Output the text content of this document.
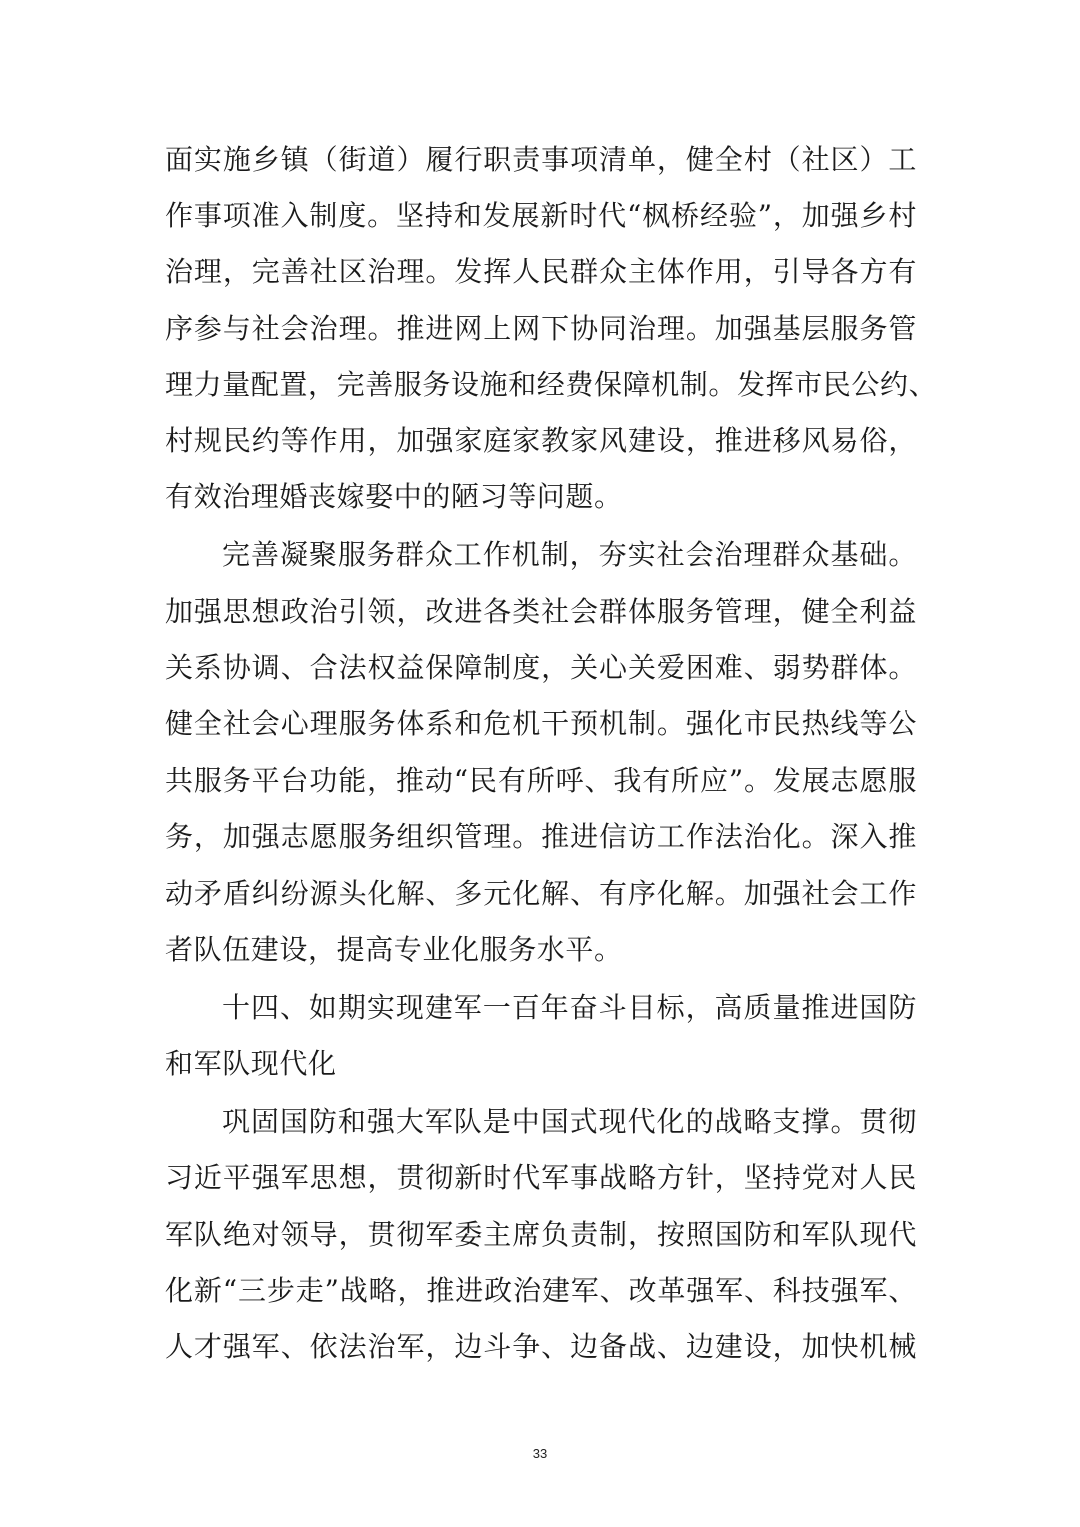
面实施乡镇（街道）履行职责事项清单，健全村（社区）工
作事项准入制度。坚持和发展新时代“枫桥经验”，加强乡村
治理，完善社区治理。发挥人民群众主体作用，引导各方有
序参与社会治理。推进网上网下协同治理。加强基层服务管
理力量配置，完善服务设施和经费保障机制。发挥市民公约、
村规民约等作用，加强家庭家教家风建设，推进移风易俗，
有效治理婚丧嫁娶中的陋习等问题。
完善凝聚服务群众工作机制，夯实社会治理群众基础。
加强思想政治引领，改进各类社会群体服务管理，健全利益
关系协调、合法权益保障制度，关心关爱困难、弱势群体。
健全社会心理服务体系和危机干预机制。强化市民热线等公
共服务平台功能，推动“民有所呼、我有所应”。发展志愿服
务，加强志愿服务组织管理。推进信访工作法治化。深入推
动矛盾纠纷源头化解、多元化解、有序化解。加强社会工作
者队伍建设，提高专业化服务水平。
十四、如期实现建军一百年奋斗目标，高质量推进国防
和军队现代化
巩固国防和强大军队是中国式现代化的战略支撑。贯彻
习近平强军思想，贯彻新时代军事战略方针，坚持党对人民
军队绝对领导，贯彻军委主席负责制，按照国防和军队现代
化新“三步走”战略，推进政治建军、改革强军、科技强军、
人才强军、依法治军，边斗争、边备战、边建设，加快机械
33
